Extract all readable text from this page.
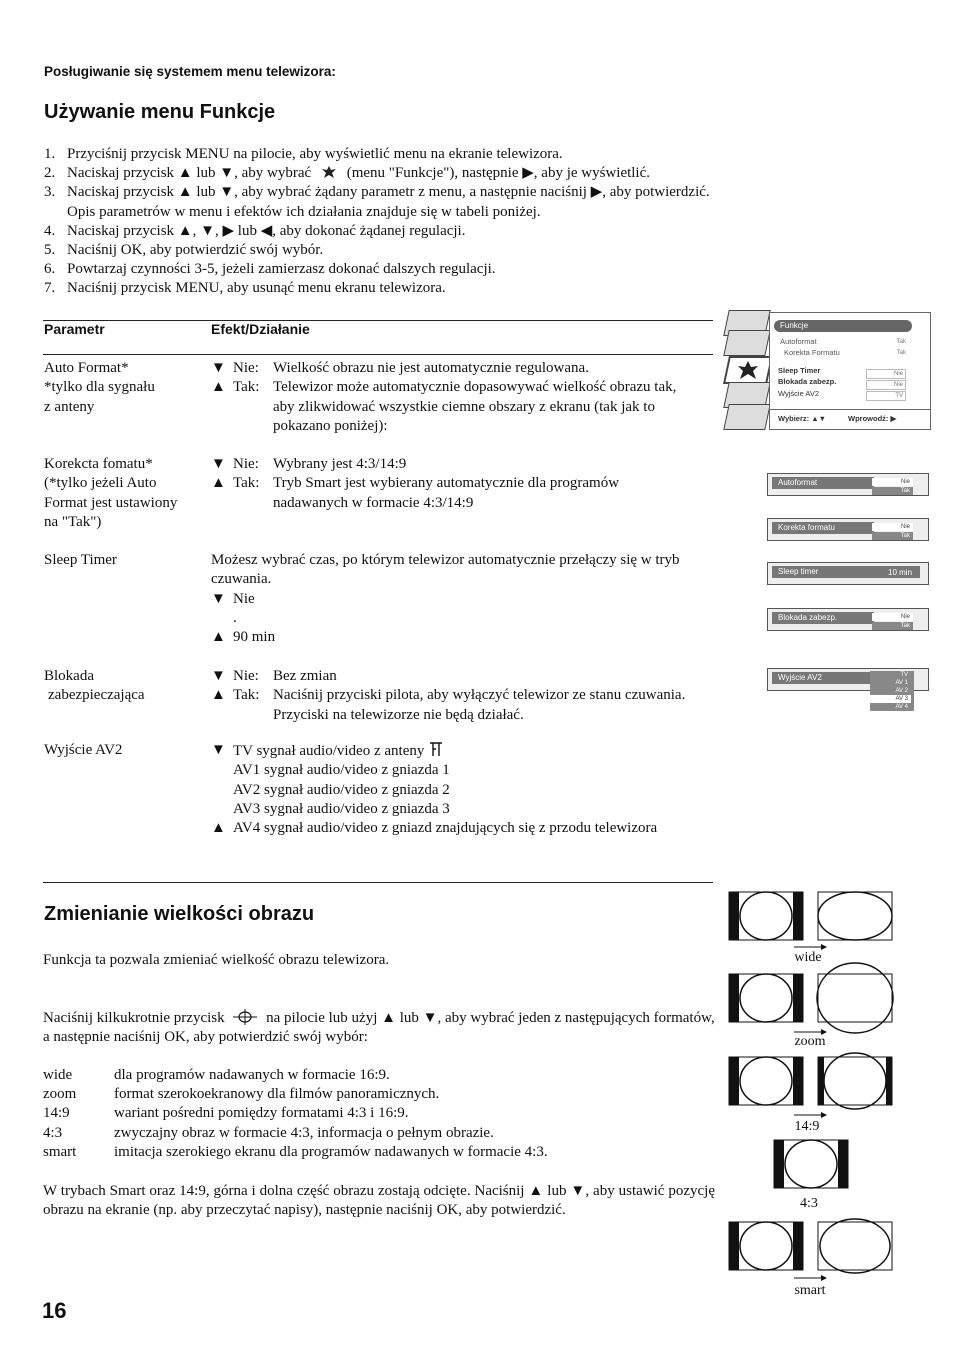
Posługiwanie się systemem menu telewizora:
Używanie menu Funkcje
1. Przyciśnij przycisk MENU na pilocie, aby wyświetlić menu na ekranie telewizora.
2. Naciskaj przycisk ▲ lub ▼, aby wybrać (menu "Funkcje"), następnie ▶, aby je wyświetlić.
3. Naciskaj przycisk ▲ lub ▼, aby wybrać żądany parametr z menu, a następnie naciśnij ▶, aby potwierdzić. Opis parametrów w menu i efektów ich działania znajduje się w tabeli poniżej.
4. Naciskaj przycisk ▲, ▼, ▶ lub ◀, aby dokonać żądanej regulacji.
5. Naciśnij OK, aby potwierdzić swój wybór.
6. Powtarzaj czynności 3-5, jeżeli zamierzasz dokonać dalszych regulacji.
7. Naciśnij przycisk MENU, aby usunąć menu ekranu telewizora.
Parametr	Efekt/Działanie
Auto Format*
*tylko dla sygnału
z anteny
▼ Nie: Wielkość obrazu nie jest automatycznie regulowana.
▲ Tak: Telewizor może automatycznie dopasowywać wielkość obrazu tak, aby zlikwidować wszystkie ciemne obszary z ekranu (tak jak to pokazano poniżej):
Korekcta fomatu*
(*tylko jeżeli Auto
Format jest ustawiony
na "Tak")
▼ Nie: Wybrany jest 4:3/14:9
▲ Tak: Tryb Smart jest wybierany automatycznie dla programów nadawanych w formacie 4:3/14:9
Sleep Timer	Możesz wybrać czas, po którym telewizor automatycznie przełączy się w tryb czuwania.
▼ Nie
.
▲ 90 min
Blokada
zabezpieczająca
▼ Nie: Bez zmian
▲ Tak: Naciśnij przyciski pilota, aby wyłączyć telewizor ze stanu czuwania. Przyciski na telewizorze nie będą działać.
Wyjście AV2	▼ TV sygnał audio/video z anteny
AV1 sygnał audio/video z gniazda 1
AV2 sygnał audio/video z gniazda 2
AV3 sygnał audio/video z gniazda 3
▲ AV4 sygnał audio/video z gniazd znajdujących się z przodu telewizora
Funkcje
Autoformat	Tak
Korekta Formatu	Tak
Sleep Timer	Nie
Blokada zabezp.	Nie
Wyjście AV2	TV
Wybierz: ▲▼	Wprowodź: ▶
Autoformat	Nie
Tak
Korekta formatu	Nie
Tak
Sleep timer	10 min
Blokada zabezp.	Nie
Tak
Wyjście AV2	TV
AV 1
AV 2
AV 3
AV 4
Zmienianie wielkości obrazu
Funkcja ta pozwala zmieniać wielkość obrazu telewizora.
Naciśnij kilkukrotnie przycisk	na pilocie lub użyj ▲ lub ▼, aby wybrać jeden z następujących formatów, a następnie naciśnij OK, aby potwierdzić swój wybór:
wide	dla programów nadawanych w formacie 16:9.
zoom	format szerokoekranowy dla filmów panoramicznych.
14:9	wariant pośredni pomiędzy formatami 4:3 i 16:9.
4:3	zwyczajny obraz w formacie 4:3, informacja o pełnym obrazie.
smart	imitacja szerokiego ekranu dla programów nadawanych w formacie 4:3.
W trybach Smart oraz 14:9, górna i dolna część obrazu zostają odcięte. Naciśnij ▲ lub ▼, aby ustawić pozycję obrazu na ekranie (np. aby przeczytać napisy), następnie naciśnij OK, aby potwierdzić.
wide
zoom
14:9
4:3
smart
16
